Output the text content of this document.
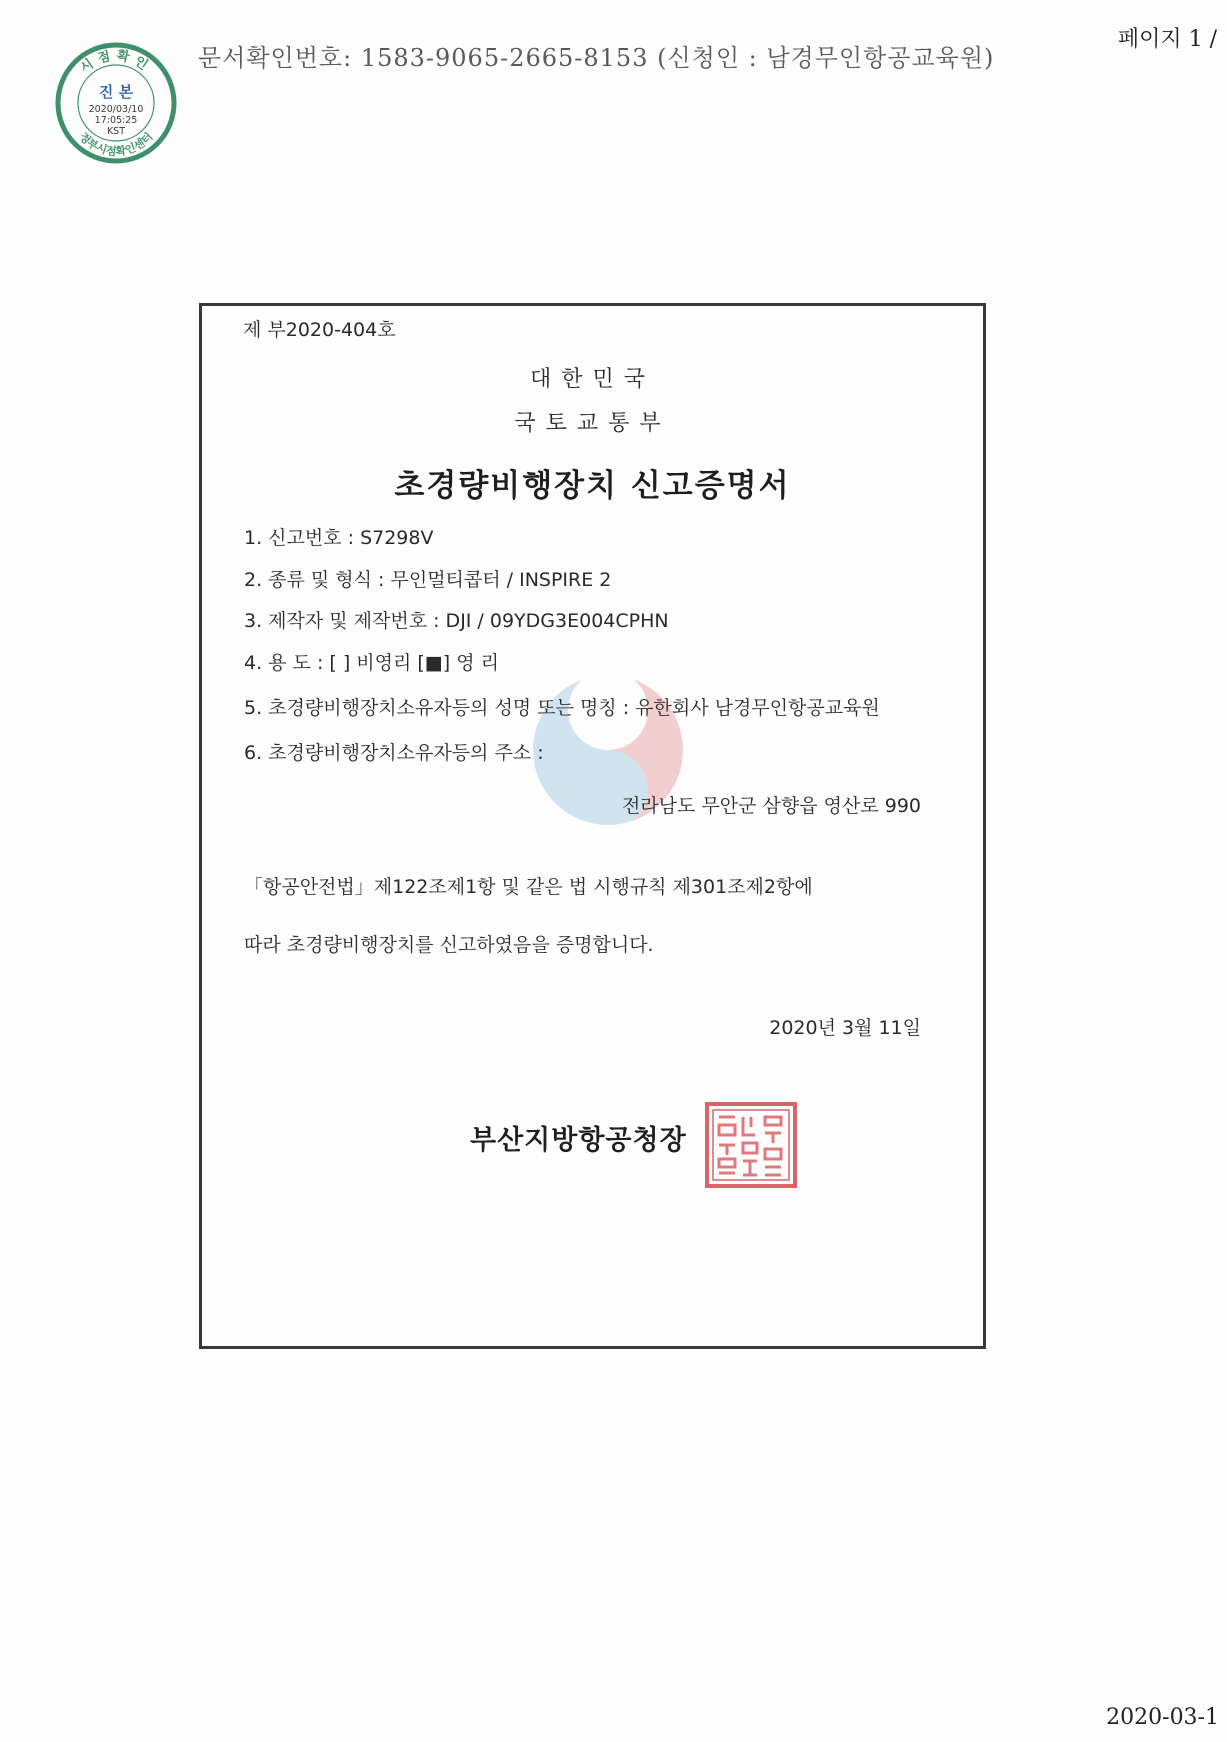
문서확인번호: 1583-9065-2665-8153 (신청인 : 남경무인항공교육원)
페이지 1 /
시점확인
정부시점확인센터
진 본
2020/03/10
17:05:25
KST
제 부2020-404호
대한민국
국토교통부
초경량비행장치 신고증명서
1. 신고번호 : S7298V
2. 종류 및 형식 : 무인멀티콥터 / INSPIRE 2
3. 제작자 및 제작번호 : DJI / 09YDG3E004CPHN
4. 용 도 : [ ] 비영리 [■] 영 리
5. 초경량비행장치소유자등의 성명 또는 명칭 : 유한회사 남경무인항공교육원
6. 초경량비행장치소유자등의 주소 :
전라남도 무안군 삼향읍 영산로 990
「항공안전법」제122조제1항 및 같은 법 시행규칙 제301조제2항에
따라 초경량비행장치를 신고하였음을 증명합니다.
2020년 3월 11일
부산지방항공청장
2020-03-1
